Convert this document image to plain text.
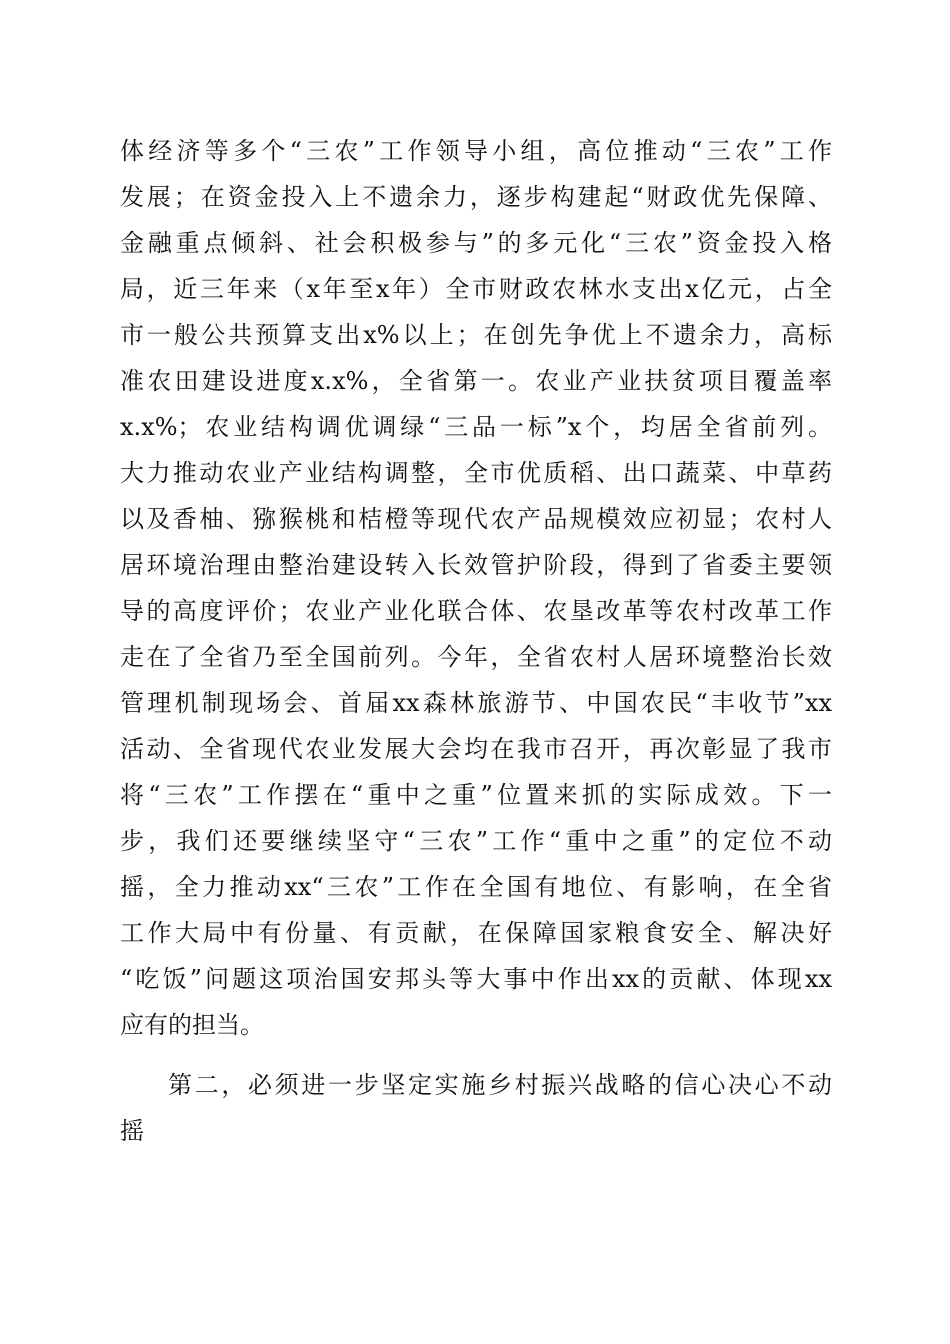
体经济等多个“三农”工作领导小组，高位推动“三农”工作
发展；在资金投入上不遗余力，逐步构建起“财政优先保障、
金融重点倾斜、社会积极参与”的多元化“三农”资金投入格
局，近三年来（x年至x年）全市财政农林水支出x亿元，占全
市一般公共预算支出x%以上；在创先争优上不遗余力，高标
准农田建设进度x.x%，全省第一。农业产业扶贫项目覆盖率
x.x%；农业结构调优调绿“三品一标”x个，均居全省前列。
大力推动农业产业结构调整，全市优质稻、出口蔬菜、中草药
以及香柚、猕猴桃和桔橙等现代农产品规模效应初显；农村人
居环境治理由整治建设转入长效管护阶段，得到了省委主要领
导的高度评价；农业产业化联合体、农垦改革等农村改革工作
走在了全省乃至全国前列。今年，全省农村人居环境整治长效
管理机制现场会、首届xx森林旅游节、中国农民“丰收节”xx
活动、全省现代农业发展大会均在我市召开，再次彰显了我市
将“三农”工作摆在“重中之重”位置来抓的实际成效。下一
步，我们还要继续坚守“三农”工作“重中之重”的定位不动
摇，全力推动xx“三农”工作在全国有地位、有影响，在全省
工作大局中有份量、有贡献，在保障国家粮食安全、解决好
“吃饭”问题这项治国安邦头等大事中作出xx的贡献、体现xx
应有的担当。
第二，必须进一步坚定实施乡村振兴战略的信心决心不动
摇
